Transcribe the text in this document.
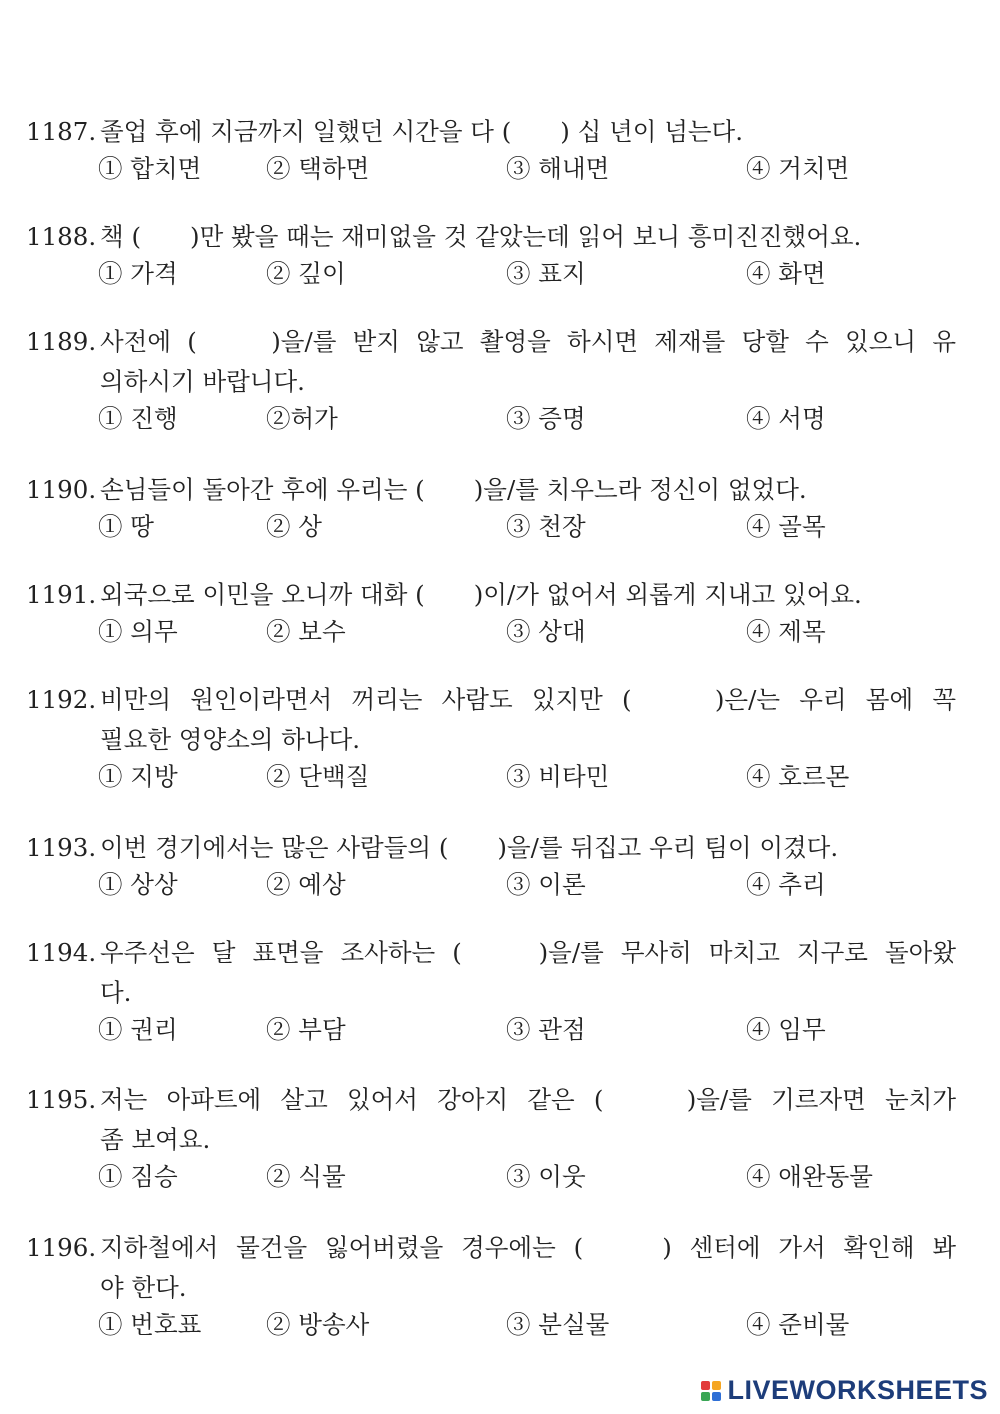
1187. 졸업 후에 지금까지 일했던 시간을 다 (　　) 십 년이 넘는다.
① 합치면	② 택하면	③ 해내면	④ 거치면
1188. 책 (　　)만 봤을 때는 재미없을 것 같았는데 읽어 보니 흥미진진했어요.
① 가격	② 깊이	③ 표지	④ 화면
1189. 사전에 (　　)을/를 받지 않고 촬영을 하시면 제재를 당할 수 있으니 유
의하시기 바랍니다.
① 진행	②허가	③ 증명	④ 서명
1190. 손님들이 돌아간 후에 우리는 (　　)을/를 치우느라 정신이 없었다.
① 땅	② 상	③ 천장	④ 골목
1191. 외국으로 이민을 오니까 대화 (　　)이/가 없어서 외롭게 지내고 있어요.
① 의무	② 보수	③ 상대	④ 제목
1192. 비만의 원인이라면서 꺼리는 사람도 있지만 (　　)은/는 우리 몸에 꼭
필요한 영양소의 하나다.
① 지방	② 단백질	③ 비타민	④ 호르몬
1193. 이번 경기에서는 많은 사람들의 (　　)을/를 뒤집고 우리 팀이 이겼다.
① 상상	② 예상	③ 이론	④ 추리
1194. 우주선은 달 표면을 조사하는 (　　)을/를 무사히 마치고 지구로 돌아왔
다.
① 권리	② 부담	③ 관점	④ 임무
1195. 저는 아파트에 살고 있어서 강아지 같은 (　　)을/를 기르자면 눈치가
좀 보여요.
① 짐승	② 식물	③ 이웃	④ 애완동물
1196. 지하철에서 물건을 잃어버렸을 경우에는 (　　) 센터에 가서 확인해 봐
야 한다.
① 번호표	② 방송사	③ 분실물	④ 준비물
LIVEWORKSHEETS
